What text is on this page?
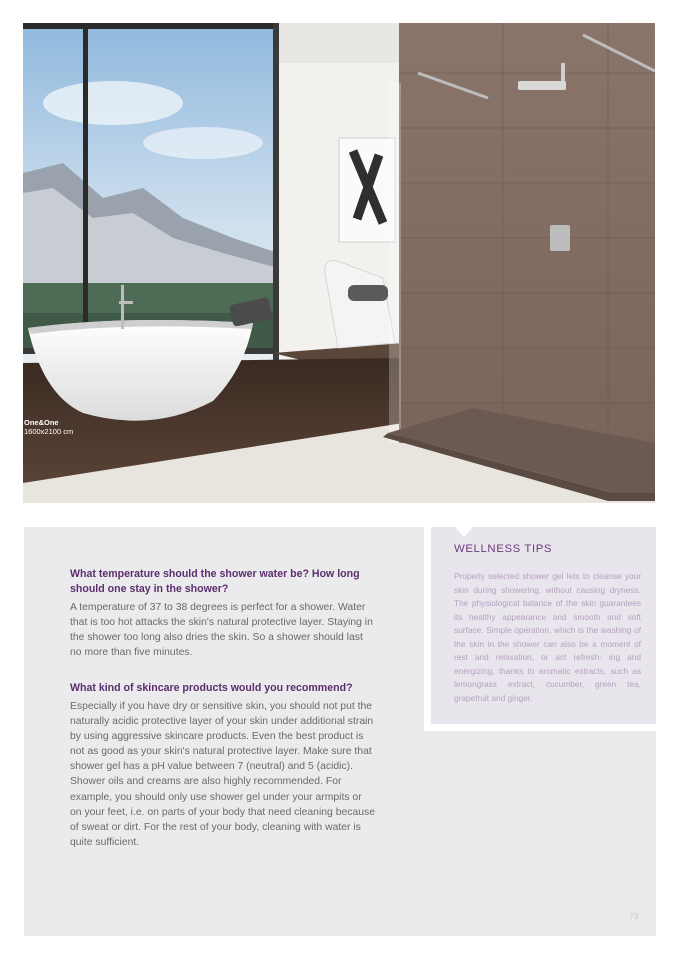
One&One
1600x2100 cm

What temperature should the shower water be? How long should one stay in the shower?

A temperature of 37 to 38 degrees is perfect for a shower. Water that is too hot attacks the skin's natural protective layer. Staying in the shower too long also dries the skin. So a shower should last no more than five minutes.

What kind of skincare products would you recommend?

Especially if you have dry or sensitive skin, you should not put the naturally acidic protective layer of your skin under additional strain by using aggressive skincare products. Even the best product is not as good as your skin's natural protective layer. Make sure that shower gel has a pH value between 7 (neutral) and 5 (acidic). Shower oils and creams are also highly recommended. For example, you should only use shower gel under your armpits or on your feet, i.e. on parts of your body that need cleaning because of sweat or dirt. For the rest of your body, cleaning with water is quite sufficient.

WELLNESS TIPS

Properly selected shower gel lets to cleanse your skin during showering, without causing dryness. The physiological balance of the skin guarantees its healthy appearance and smooth and soft surface. Simple operation, which is the washing of the skin in the shower can also be a moment of rest and relaxation, or act refresh- ing and energizing, thanks to aromatic extracts, such as lemongrass extract, cucumber, green tea, grapefruit and ginger.

73
